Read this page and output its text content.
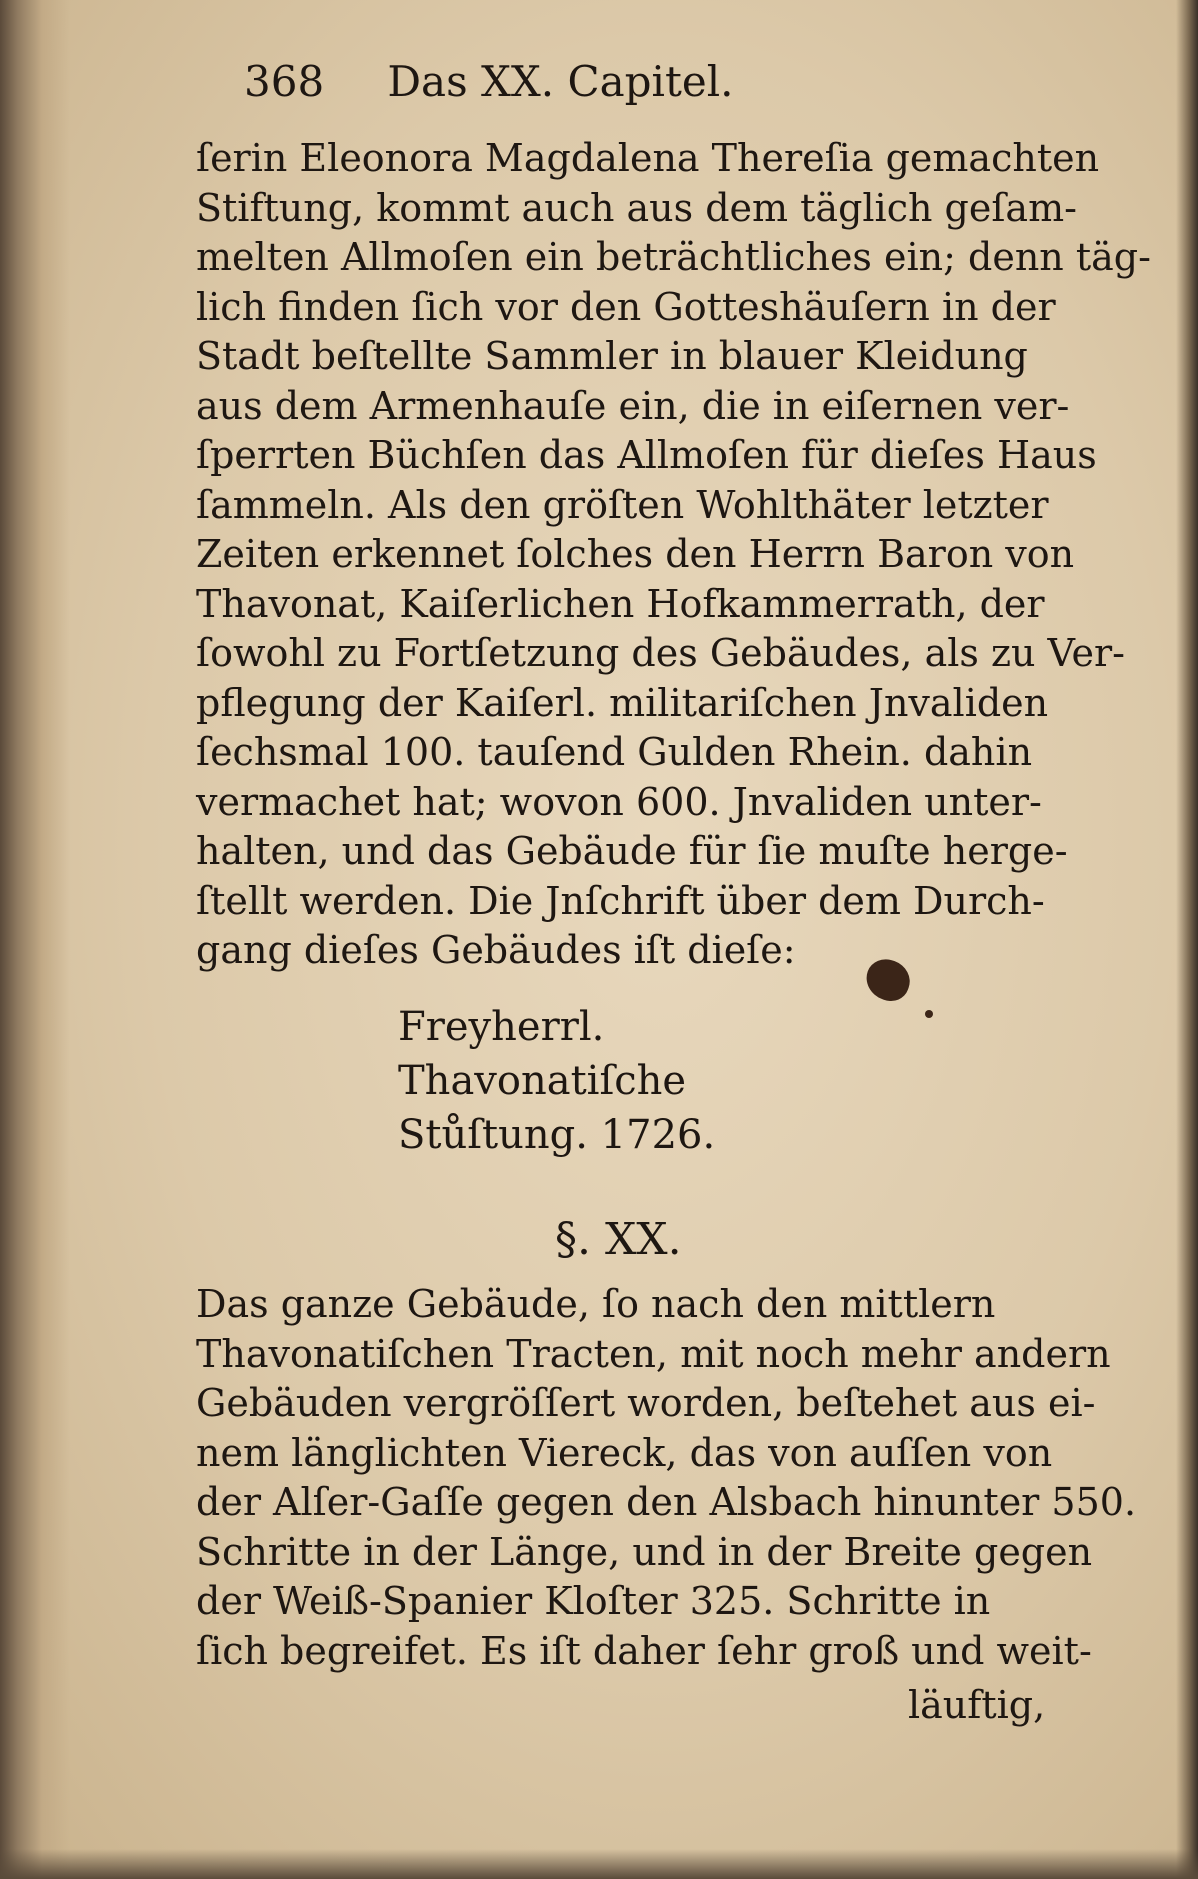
368 Das XX. Capitel.
ſerin Eleonora Magdalena Thereſia gemachten
Stiftung, kommt auch aus dem täglich geſam-
melten Allmoſen ein beträchtliches ein; denn täg-
lich finden ſich vor den Gotteshäuſern in der
Stadt beſtellte Sammler in blauer Kleidung
aus dem Armenhauſe ein, die in eiſernen ver-
ſperrten Büchſen das Allmoſen für dieſes Haus
ſammeln. Als den gröſten Wohlthäter letzter
Zeiten erkennet ſolches den Herrn Baron von
Thavonat, Kaiſerlichen Hofkammerrath, der
ſowohl zu Fortſetzung des Gebäudes, als zu Ver-
pflegung der Kaiſerl. militariſchen Jnvaliden
ſechsmal 100. tauſend Gulden Rhein. dahin
vermachet hat; wovon 600. Jnvaliden unter-
halten, und das Gebäude für ſie muſte herge-
ſtellt werden. Die Jnſchrift über dem Durch-
gang dieſes Gebäudes iſt dieſe:
Freyherrl.
Thavonatiſche
Stůſtung. 1726.
§. XX.
Das ganze Gebäude, ſo nach den mittlern
Thavonatiſchen Tracten, mit noch mehr andern
Gebäuden vergröſſert worden, beſtehet aus ei-
nem länglichten Viereck, das von auſſen von
der Alſer-Gaſſe gegen den Alsbach hinunter 550.
Schritte in der Länge, und in der Breite gegen
der Weiß-Spanier Kloſter 325. Schritte in
ſich begreifet. Es iſt daher ſehr groß und weit-
läuftig,
